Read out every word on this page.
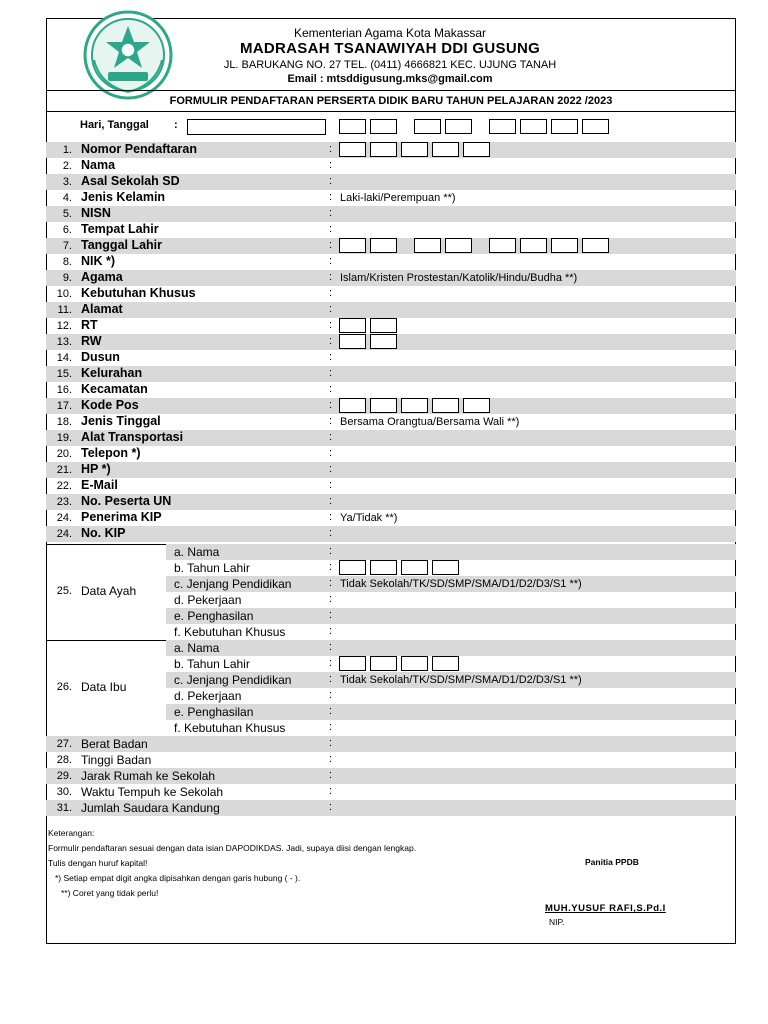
Kementerian Agama Kota Makassar
MADRASAH TSANAWIYAH DDI GUSUNG
JL. BARUKANG NO. 27 TEL. (0411) 4666821 KEC. UJUNG TANAH
Email : mtsddigusung.mks@gmail.com
FORMULIR PENDAFTARAN PERSERTA DIDIK BARU TAHUN PELAJARAN 2022 /2023
Hari, Tanggal :
1. Nomor Pendaftaran	:
2. Nama	:
3. Asal Sekolah SD	:
4. Jenis Kelamin	: Laki-laki/Perempuan **)
5. NISN	:
6. Tempat Lahir	:
7. Tanggal Lahir	:
8. NIK *)	:
9. Agama	: Islam/Kristen Prostestan/Katolik/Hindu/Budha **)
10. Kebutuhan Khusus	:
11. Alamat	:
12. RT	:
13. RW	:
14. Dusun	:
15. Kelurahan	:
16. Kecamatan	:
17. Kode Pos	:
18. Jenis Tinggal	: Bersama Orangtua/Bersama Wali **)
19. Alat Transportasi	:
20. Telepon *)	:
21. HP *)	:
22. E-Mail	:
23. No. Peserta UN	:
24. Penerima KIP	: Ya/Tidak **)
24. No. KIP	:
25. Data Ayah
a. Nama	:
b. Tahun Lahir	:
c. Jenjang Pendidikan	: Tidak Sekolah/TK/SD/SMP/SMA/D1/D2/D3/S1 **)
d. Pekerjaan	:
e. Penghasilan	:
f. Kebutuhan Khusus	:
26. Data Ibu
a. Nama	:
b. Tahun Lahir	:
c. Jenjang Pendidikan	: Tidak Sekolah/TK/SD/SMP/SMA/D1/D2/D3/S1 **)
d. Pekerjaan	:
e. Penghasilan	:
f. Kebutuhan Khusus	:
27. Berat Badan	:
28. Tinggi Badan	:
29. Jarak Rumah ke Sekolah	:
30. Waktu Tempuh ke Sekolah	:
31. Jumlah Saudara Kandung	:
Keterangan:
Formulir pendaftaran sesuai dengan data isian DAPODIKDAS. Jadi, supaya diisi dengan lengkap.
Tulis dengan huruf kapital!
*) Setiap empat digit angka dipisahkan dengan garis hubung ( - ).
**) Coret yang tidak perlu!
Panitia PPDB
MUH.YUSUF RAFI,S.Pd.I
NIP.
